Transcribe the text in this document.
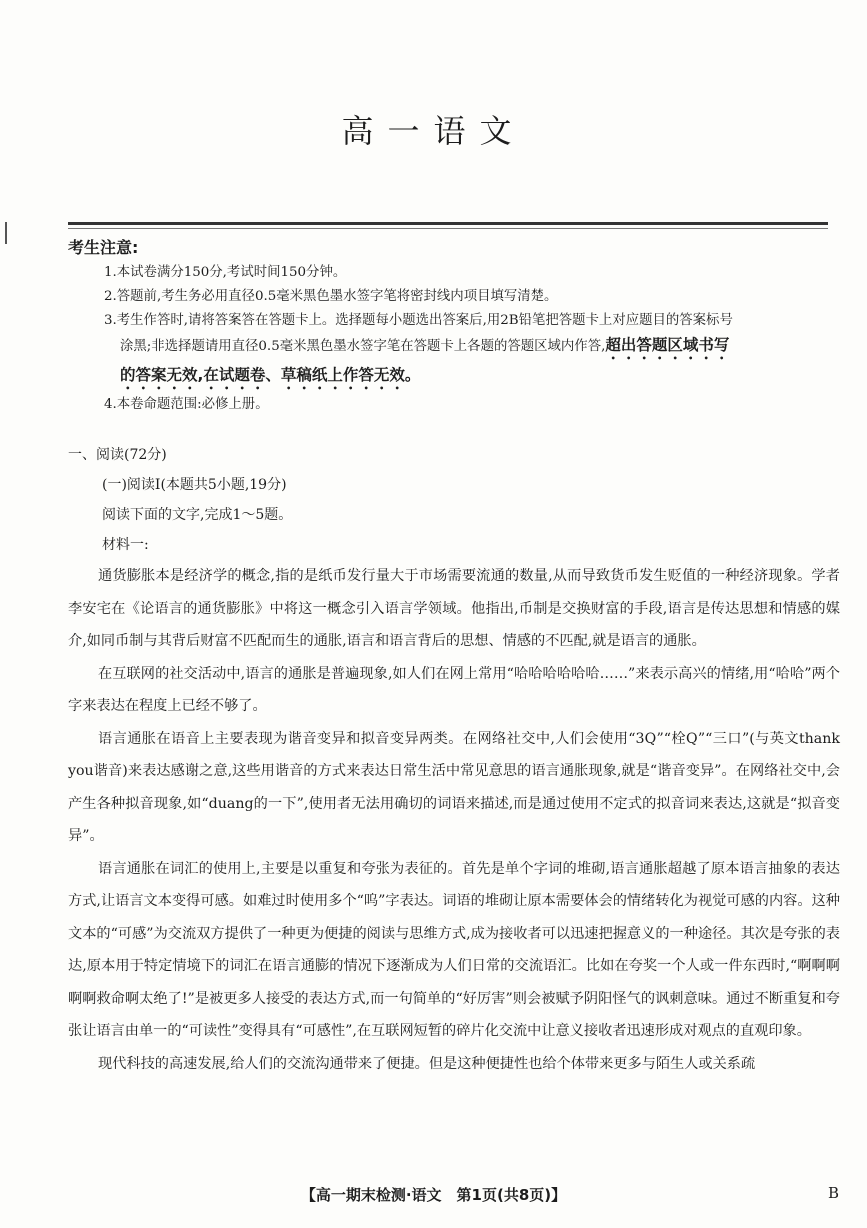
高一语文
考生注意:
1.本试卷满分150分,考试时间150分钟。
2.答题前,考生务必用直径0.5毫米黑色墨水签字笔将密封线内项目填写清楚。
3.考生作答时,请将答案答在答题卡上。选择题每小题选出答案后,用2B铅笔把答题卡上对应题目的答案标号
涂黑;非选择题请用直径0.5毫米黑色墨水签字笔在答题卡上各题的答题区域内作答,超出答题区域书写
的答案无效,在试题卷、草稿纸上作答无效。
4.本卷命题范围:必修上册。
一、阅读(72分)
(一)阅读Ⅰ(本题共5小题,19分)
阅读下面的文字,完成1～5题。
材料一:

通货膨胀本是经济学的概念,指的是纸币发行量大于市场需要流通的数量,从而导致货币发生贬值的一种经济现象。学者李安宅在《论语言的通货膨胀》中将这一概念引入语言学领域。他指出,币制是交换财富的手段,语言是传达思想和情感的媒介,如同币制与其背后财富不匹配而生的通胀,语言和语言背后的思想、情感的不匹配,就是语言的通胀。

在互联网的社交活动中,语言的通胀是普遍现象,如人们在网上常用“哈哈哈哈哈哈……”来表示高兴的情绪,用“哈哈”两个字来表达在程度上已经不够了。

语言通胀在语音上主要表现为谐音变异和拟音变异两类。在网络社交中,人们会使用“3Q”“栓Q”“三口”(与英文thank you谐音)来表达感谢之意,这些用谐音的方式来表达日常生活中常见意思的语言通胀现象,就是“谐音变异”。在网络社交中,会产生各种拟音现象,如“duang的一下”,使用者无法用确切的词语来描述,而是通过使用不定式的拟音词来表达,这就是“拟音变异”。

语言通胀在词汇的使用上,主要是以重复和夸张为表征的。首先是单个字词的堆砌,语言通胀超越了原本语言抽象的表达方式,让语言文本变得可感。如难过时使用多个“呜”字表达。词语的堆砌让原本需要体会的情绪转化为视觉可感的内容。这种文本的“可感”为交流双方提供了一种更为便捷的阅读与思维方式,成为接收者可以迅速把握意义的一种途径。其次是夸张的表达,原本用于特定情境下的词汇在语言通膨的情况下逐渐成为人们日常的交流语汇。比如在夸奖一个人或一件东西时,“啊啊啊啊啊救命啊太绝了!”是被更多人接受的表达方式,而一句简单的“好厉害”则会被赋予阴阳怪气的讽刺意味。通过不断重复和夸张让语言由单一的“可读性”变得具有“可感性”,在互联网短暂的碎片化交流中让意义接收者迅速形成对观点的直观印象。

现代科技的高速发展,给人们的交流沟通带来了便捷。但是这种便捷性也给个体带来更多与陌生人或关系疏

【高一期末检测·语文　第1页(共8页)】	B
